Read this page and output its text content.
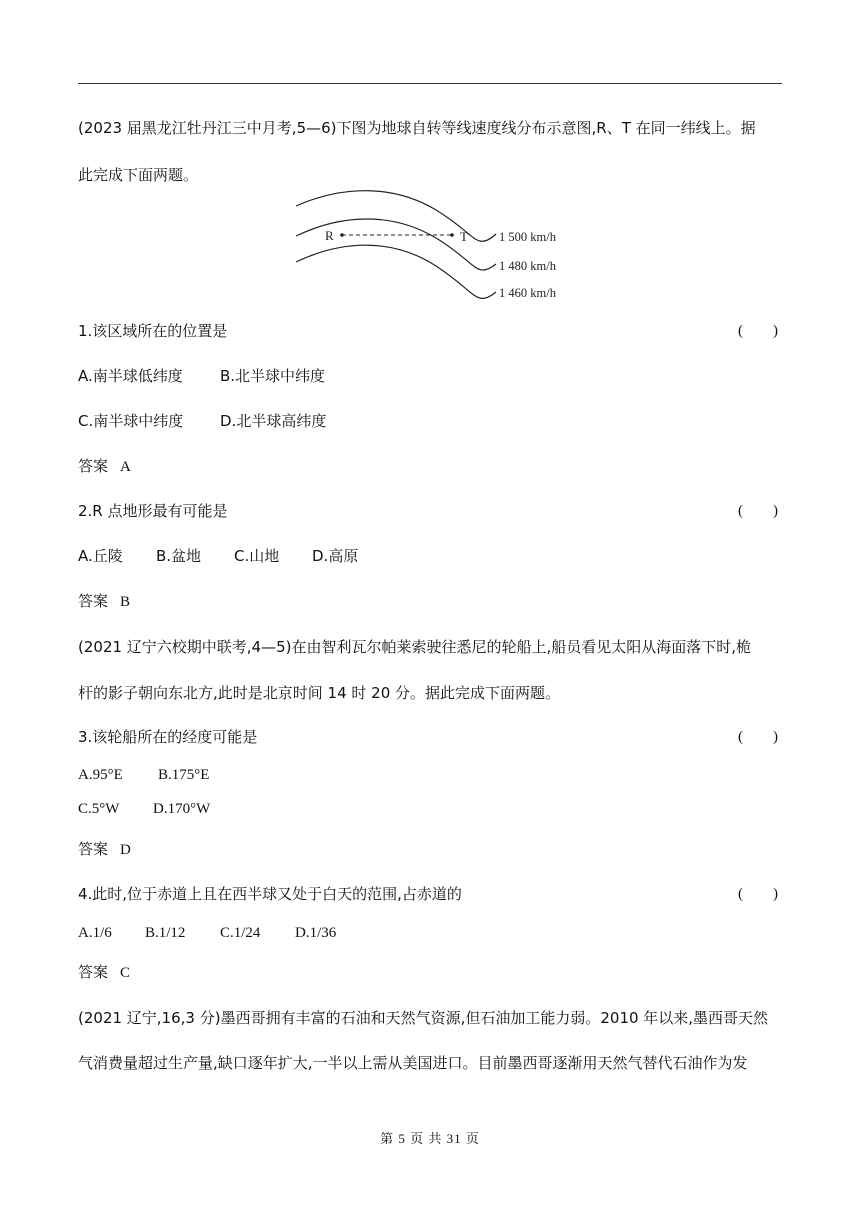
(2023 届黑龙江牡丹江三中月考,5—6)下图为地球自转等线速度线分布示意图,R、T 在同一纬线上。据
此完成下面两题。
R	T 1 500 km/h
1 480 km/h
1 460 km/h
1.该区域所在的位置是	(　　)
A.南半球低纬度 B.北半球中纬度
C.南半球中纬度 D.北半球高纬度
答案 A
2.R 点地形最有可能是	(　　)
A.丘陵 B.盆地 C.山地 D.高原
答案 B
(2021 辽宁六校期中联考,4—5)在由智利瓦尔帕莱索驶往悉尼的轮船上,船员看见太阳从海面落下时,桅
杆的影子朝向东北方,此时是北京时间 14 时 20 分。据此完成下面两题。
3.该轮船所在的经度可能是	(　　)
A.95°E B.175°E
C.5°W D.170°W
答案 D
4.此时,位于赤道上且在西半球又处于白天的范围,占赤道的	(　　)
A.1/6 B.1/12 C.1/24 D.1/36
答案 C
(2021 辽宁,16,3 分)墨西哥拥有丰富的石油和天然气资源,但石油加工能力弱。2010 年以来,墨西哥天然
气消费量超过生产量,缺口逐年扩大,一半以上需从美国进口。目前墨西哥逐渐用天然气替代石油作为发
第 5 页 共 31 页
